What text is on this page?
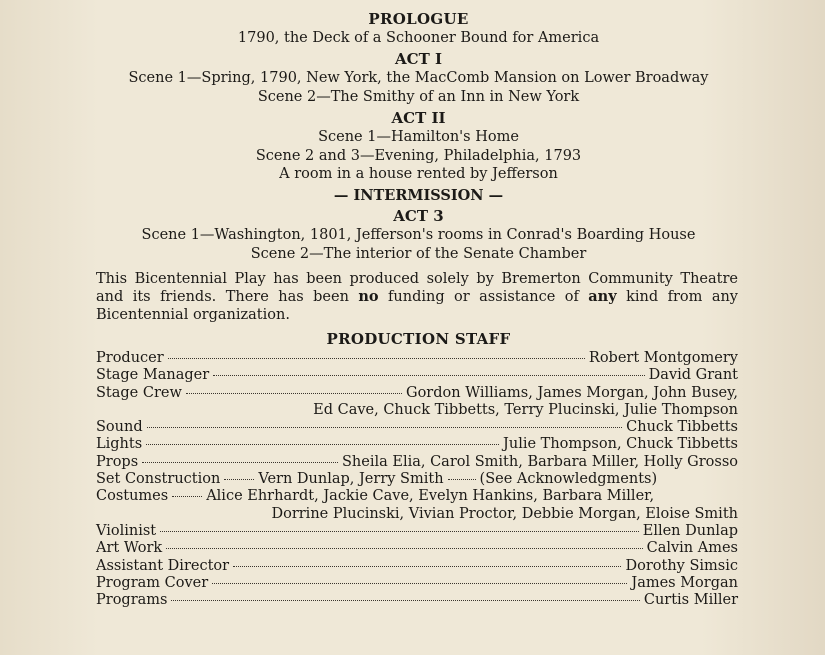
PROLOGUE
1790, the Deck of a Schooner Bound for America
ACT I
Scene 1—Spring, 1790, New York, the MacComb Mansion on Lower Broadway
Scene 2—The Smithy of an Inn in New York
ACT II
Scene 1—Hamilton's Home
Scene 2 and 3—Evening, Philadelphia, 1793
A room in a house rented by Jefferson
— INTERMISSION —
ACT 3
Scene 1—Washington, 1801, Jefferson's rooms in Conrad's Boarding House
Scene 2—The interior of the Senate Chamber
This Bicentennial Play has been produced solely by Bremerton Community Theatre and its friends. There has been no funding or assistance of any kind from any Bicentennial organization.
PRODUCTION STAFF
Producer	Robert Montgomery
Stage Manager	David Grant
Stage Crew	Gordon Williams, James Morgan, John Busey,
Ed Cave, Chuck Tibbetts, Terry Plucinski, Julie Thompson
Sound	Chuck Tibbetts
Lights	Julie Thompson, Chuck Tibbetts
Props	Sheila Elia, Carol Smith, Barbara Miller, Holly Grosso
Set Construction	Vern Dunlap, Jerry Smith (See Acknowledgments)
Costumes	Alice Ehrhardt, Jackie Cave, Evelyn Hankins, Barbara Miller,
Dorrine Plucinski, Vivian Proctor, Debbie Morgan, Eloise Smith
Violinist	Ellen Dunlap
Art Work	Calvin Ames
Assistant Director	Dorothy Simsic
Program Cover	James Morgan
Programs	Curtis Miller
